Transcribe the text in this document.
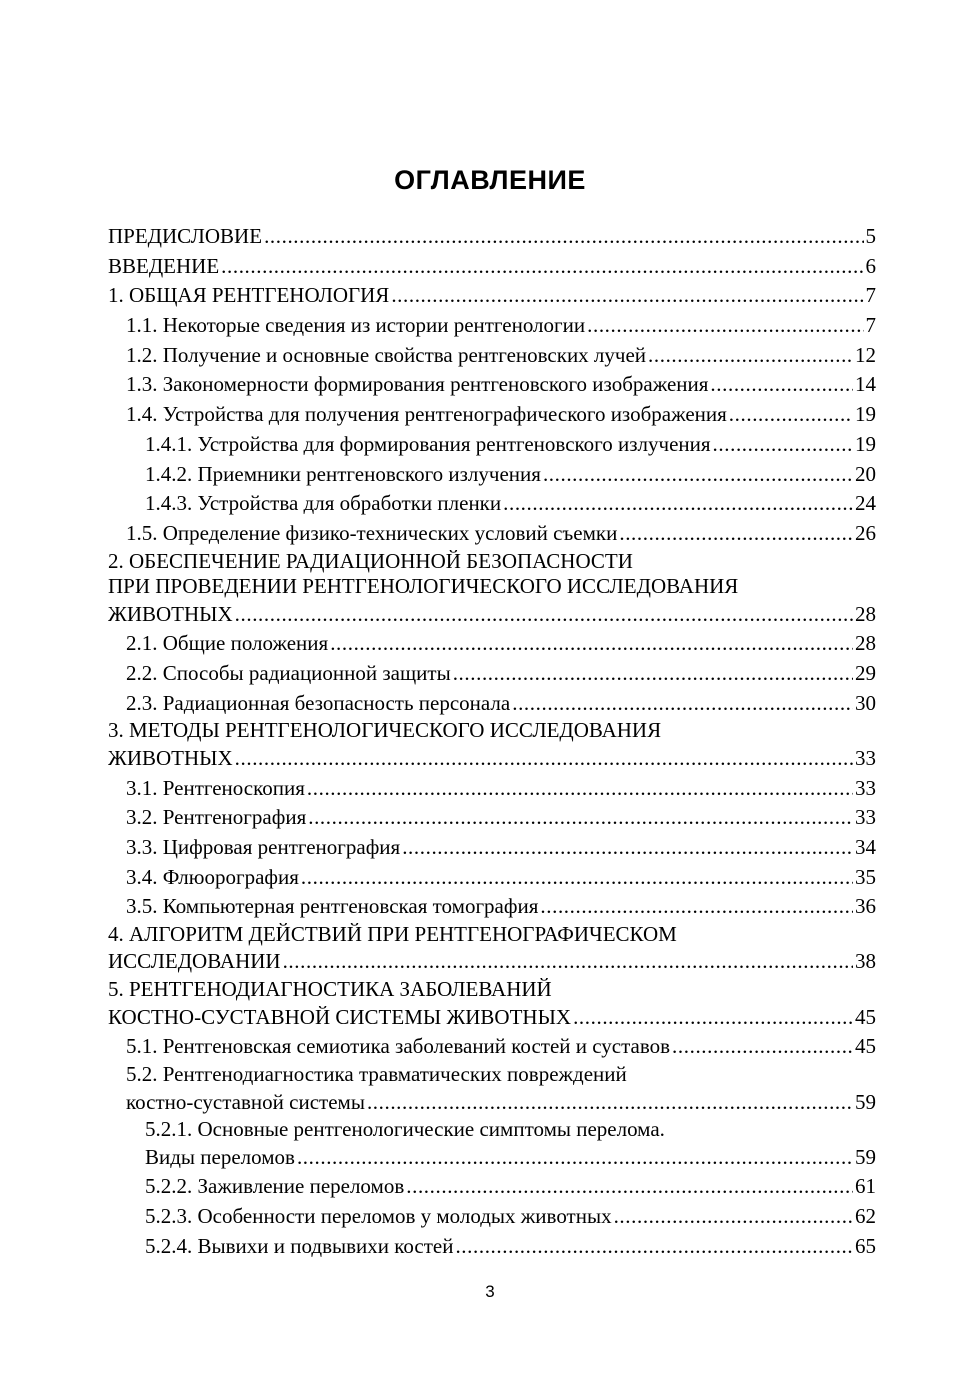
ОГЛАВЛЕНИЕ
ПРЕДИСЛОВИЕ .....	5
ВВЕДЕНИЕ .....	6
1. ОБЩАЯ РЕНТГЕНОЛОГИЯ .....	7
1.1. Некоторые сведения из истории рентгенологии .....	7
1.2. Получение и основные свойства рентгеновских лучей .....	12
1.3. Закономерности формирования рентгеновского изображения .....	14
1.4. Устройства для получения рентгенографического изображения .....	19
1.4.1. Устройства для формирования рентгеновского излучения .....	19
1.4.2. Приемники рентгеновского излучения .....	20
1.4.3. Устройства для обработки пленки .....	24
1.5. Определение физико-технических условий съемки .....	26
2. ОБЕСПЕЧЕНИЕ РАДИАЦИОННОЙ БЕЗОПАСНОСТИ
ПРИ ПРОВЕДЕНИИ РЕНТГЕНОЛОГИЧЕСКОГО ИССЛЕДОВАНИЯ
ЖИВОТНЫХ .....	28
2.1. Общие положения .....	28
2.2. Способы радиационной защиты .....	29
2.3. Радиационная безопасность персонала .....	30
3. МЕТОДЫ РЕНТГЕНОЛОГИЧЕСКОГО ИССЛЕДОВАНИЯ
ЖИВОТНЫХ .....	33
3.1. Рентгеноскопия .....	33
3.2. Рентгенография .....	33
3.3. Цифровая рентгенография .....	34
3.4. Флюорография .....	35
3.5. Компьютерная рентгеновская томография .....	36
4. АЛГОРИТМ ДЕЙСТВИЙ ПРИ РЕНТГЕНОГРАФИЧЕСКОМ
ИССЛЕДОВАНИИ .....	38
5. РЕНТГЕНОДИАГНОСТИКА ЗАБОЛЕВАНИЙ
КОСТНО-СУСТАВНОЙ СИСТЕМЫ ЖИВОТНЫХ .....	45
5.1. Рентгеновская семиотика заболеваний костей и суставов .....	45
5.2. Рентгенодиагностика травматических повреждений
костно-суставной системы .....	59
5.2.1. Основные рентгенологические симптомы перелома.
Виды переломов .....	59
5.2.2. Заживление переломов .....	61
5.2.3. Особенности переломов у молодых животных .....	62
5.2.4. Вывихи и подвывихи костей .....	65
3
